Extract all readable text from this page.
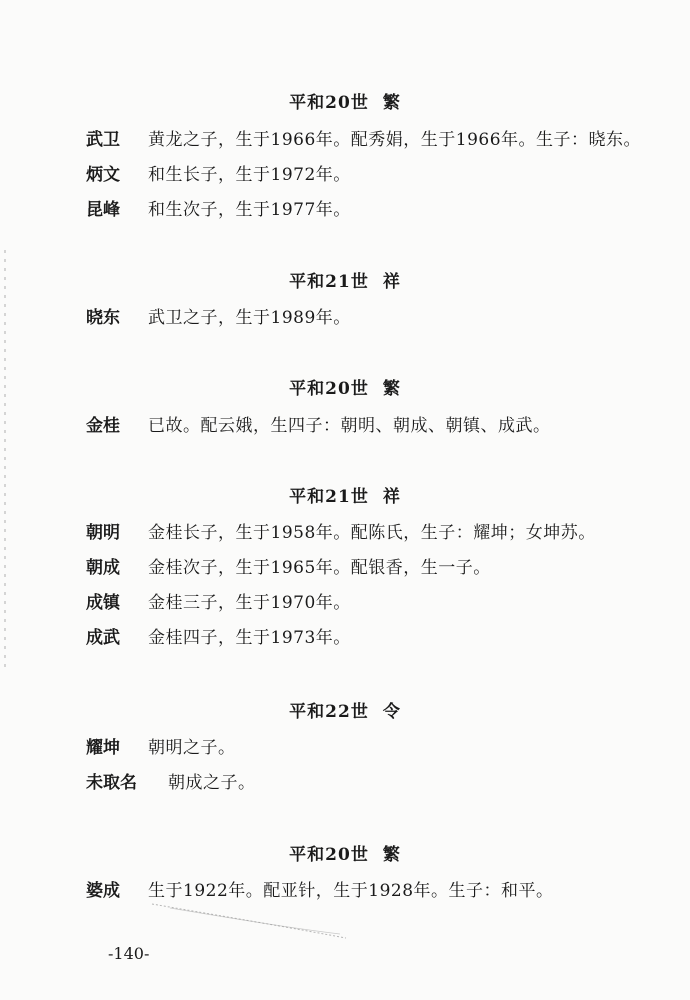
平和20世 繁
武卫 黄龙之子，生于1966年。配秀娟，生于1966年。生子：晓东。
炳文 和生长子，生于1972年。
昆峰 和生次子，生于1977年。
平和21世 祥
晓东 武卫之子，生于1989年。
平和20世 繁
金桂 已故。配云娥，生四子：朝明、朝成、朝镇、成武。
平和21世 祥
朝明 金桂长子，生于1958年。配陈氏，生子：耀坤；女坤苏。
朝成 金桂次子，生于1965年。配银香，生一子。
成镇 金桂三子，生于1970年。
成武 金桂四子，生于1973年。
平和22世 令
耀坤 朝明之子。
未取名 朝成之子。
平和20世 繁
婆成 生于1922年。配亚针，生于1928年。生子：和平。
-140-
